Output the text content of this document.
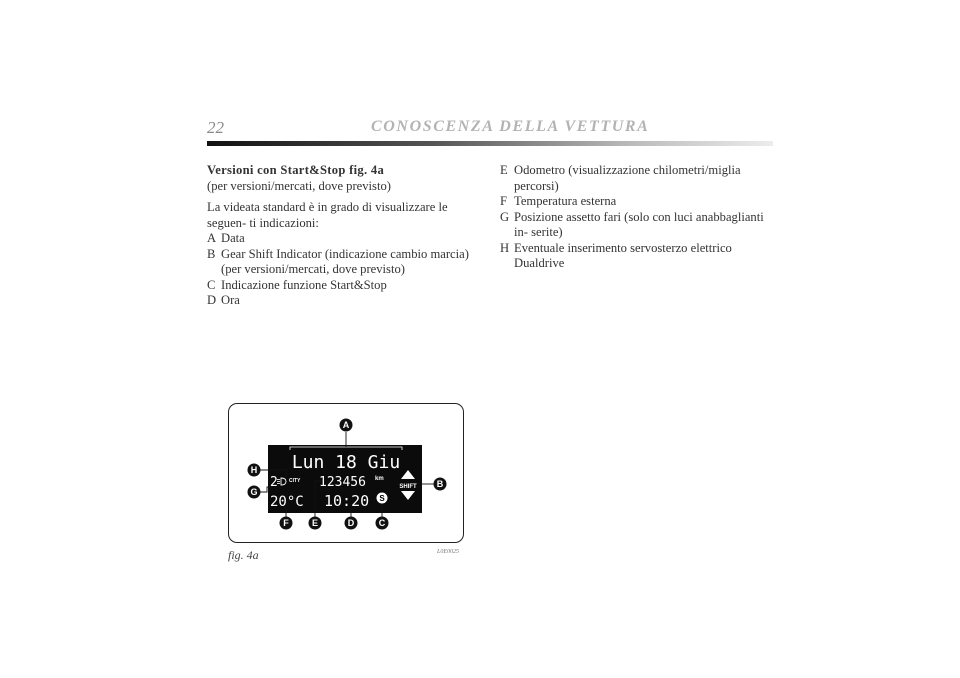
22	CONOSCENZA DELLA VETTURA
Versioni con Start&Stop fig. 4a
(per versioni/mercati, dove previsto)
La videata standard è in grado di visualizzare le seguen- ti indicazioni:
A Data
B Gear Shift Indicator (indicazione cambio marcia) (per versioni/mercati, dove previsto)
C Indicazione funzione Start&Stop
D Ora
E Odometro (visualizzazione chilometri/miglia percorsi)
F Temperatura esterna
G Posizione assetto fari (solo con luci anabbaglianti in- serite)
H Eventuale inserimento servosterzo elettrico Dualdrive
Lun 18 Giu
2 CITY 123456 km
20°C 10:20 S
SHIFT
A
B
C
D
E
F
G
H
fig. 4a	L0E0025
